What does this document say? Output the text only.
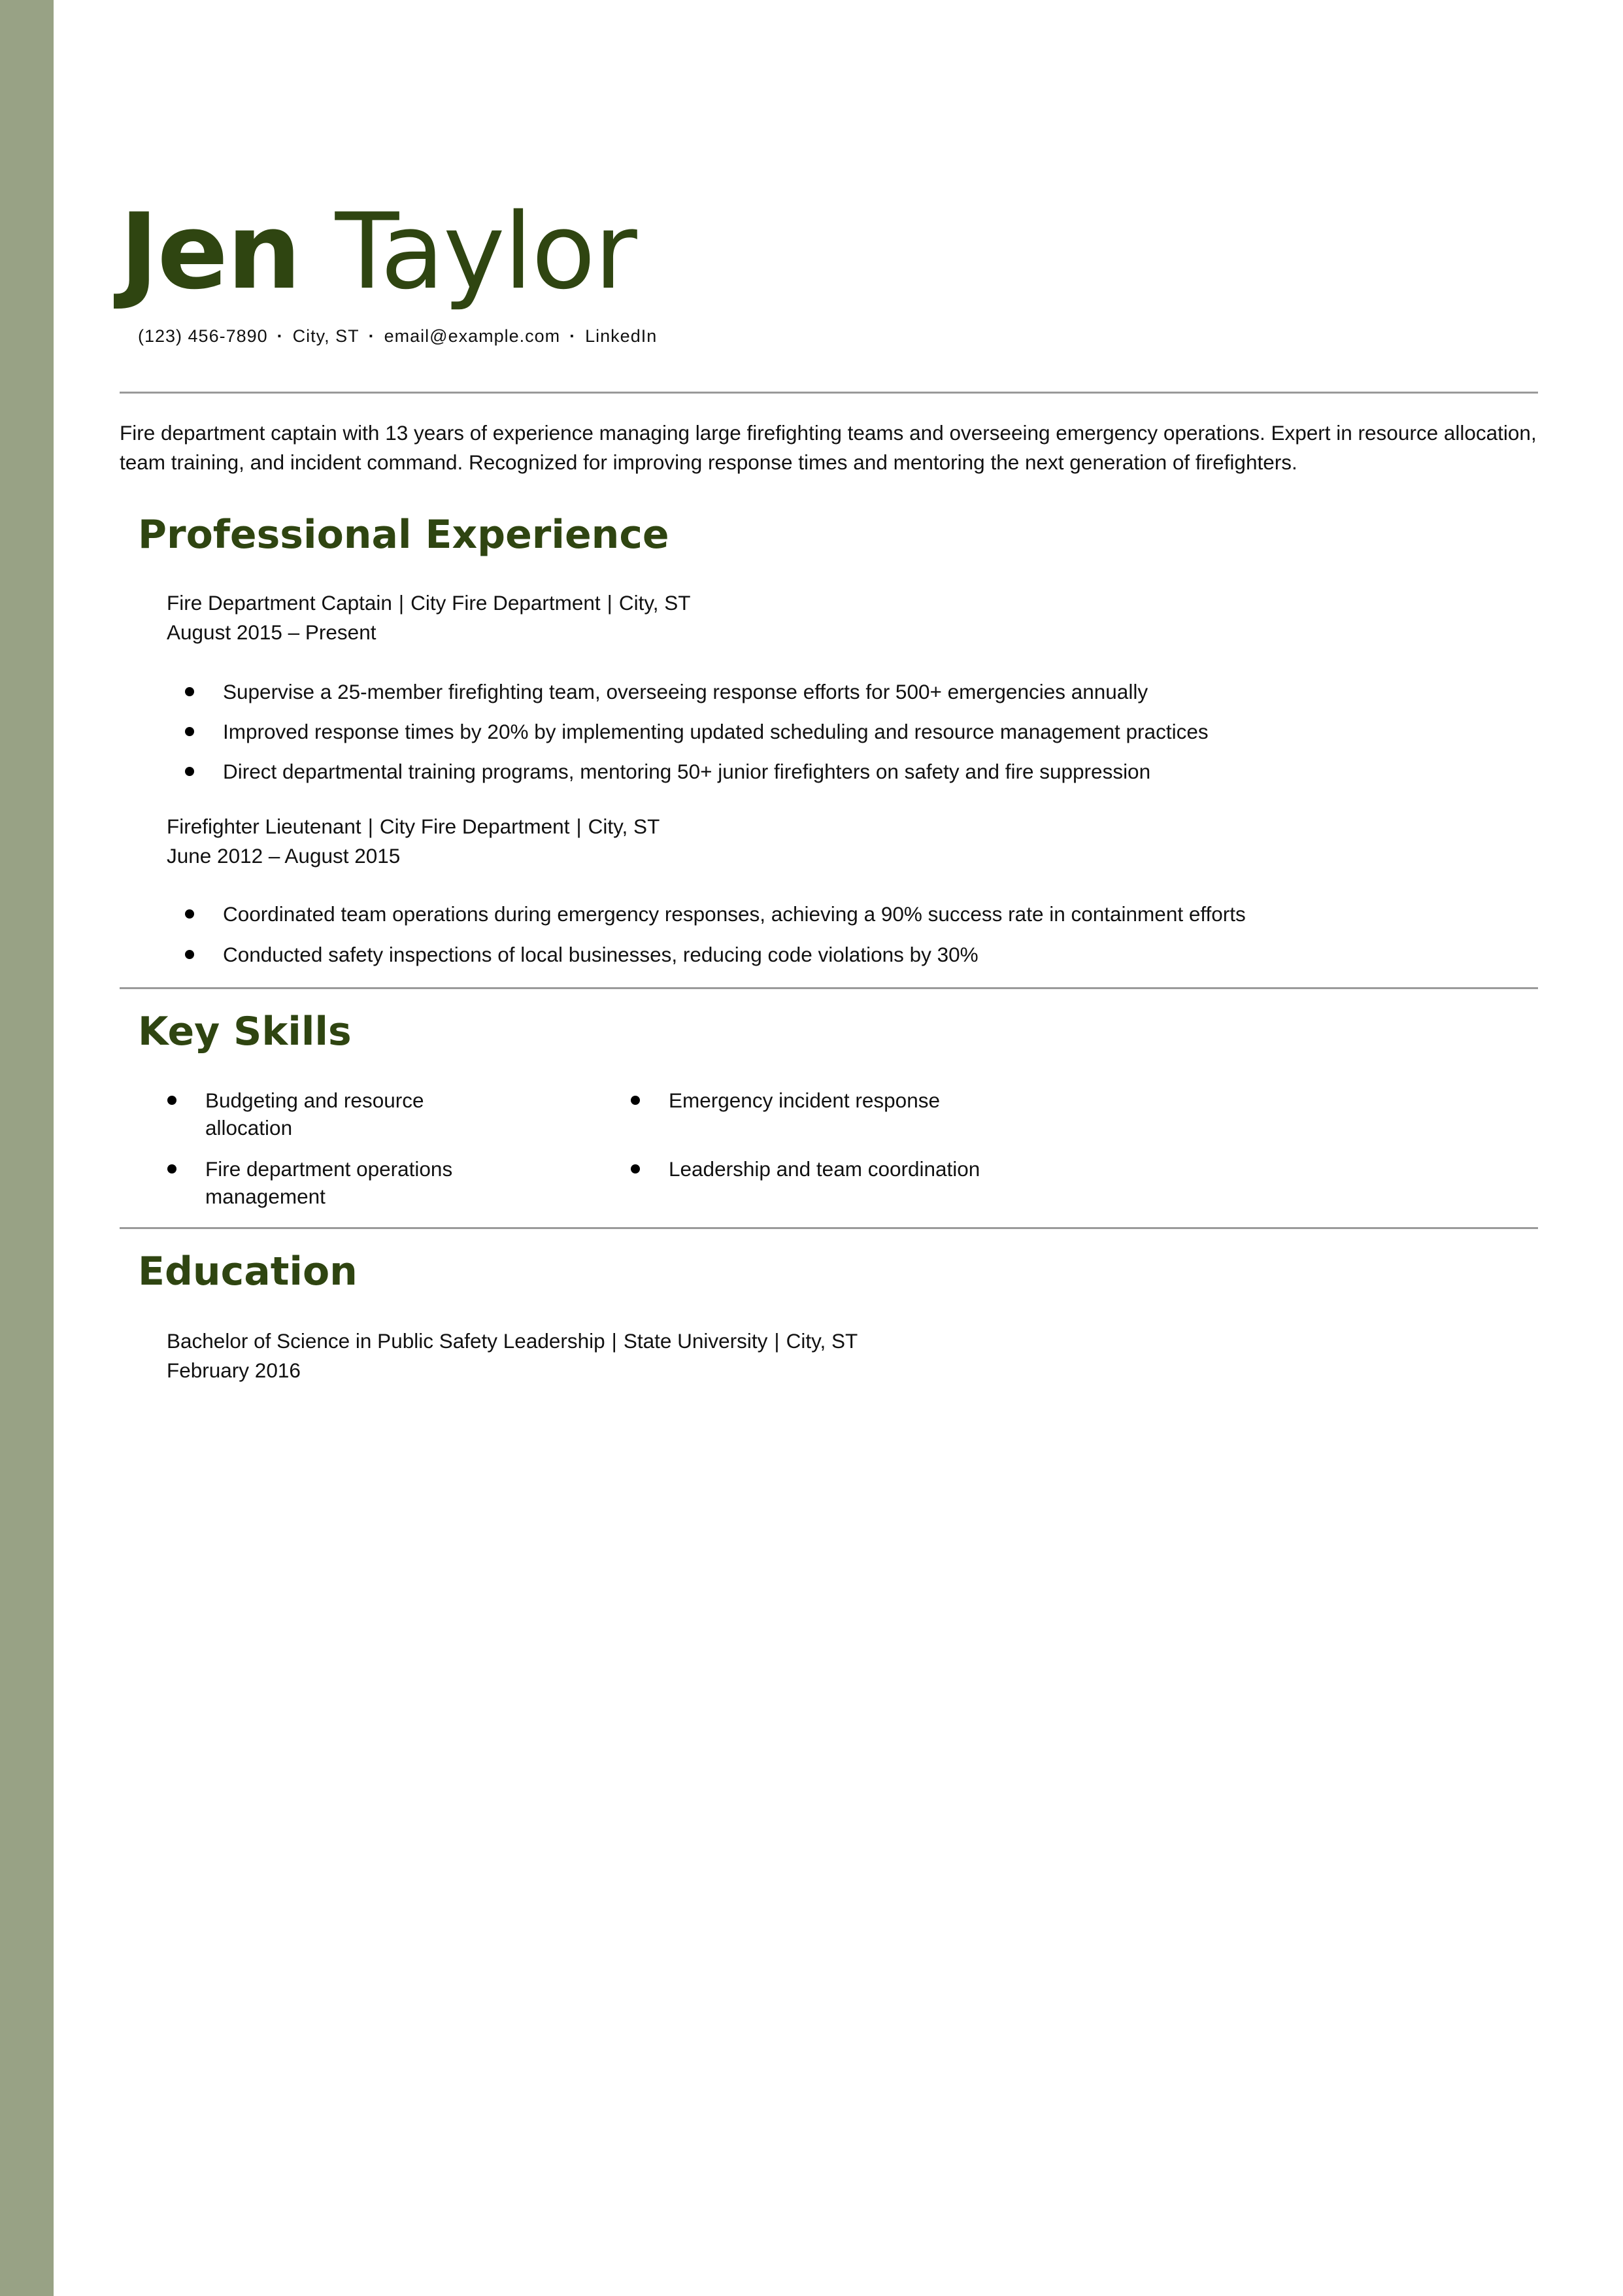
Jen Taylor
(123) 456-7890 · City, ST · email@example.com · LinkedIn

Fire department captain with 13 years of experience managing large firefighting teams and overseeing emergency operations. Expert in resource allocation, team training, and incident command. Recognized for improving response times and mentoring the next generation of firefighters.

Professional Experience
Fire Department Captain | City Fire Department | City, ST
August 2015 – Present
Supervise a 25-member firefighting team, overseeing response efforts for 500+ emergencies annually
Improved response times by 20% by implementing updated scheduling and resource management practices
Direct departmental training programs, mentoring 50+ junior firefighters on safety and fire suppression
Firefighter Lieutenant | City Fire Department | City, ST
June 2012 – August 2015
Coordinated team operations during emergency responses, achieving a 90% success rate in containment efforts
Conducted safety inspections of local businesses, reducing code violations by 30%
Key Skills
Budgeting and resource allocation
Emergency incident response
Fire department operations management
Leadership and team coordination
Education
Bachelor of Science in Public Safety Leadership | State University | City, ST
February 2016
